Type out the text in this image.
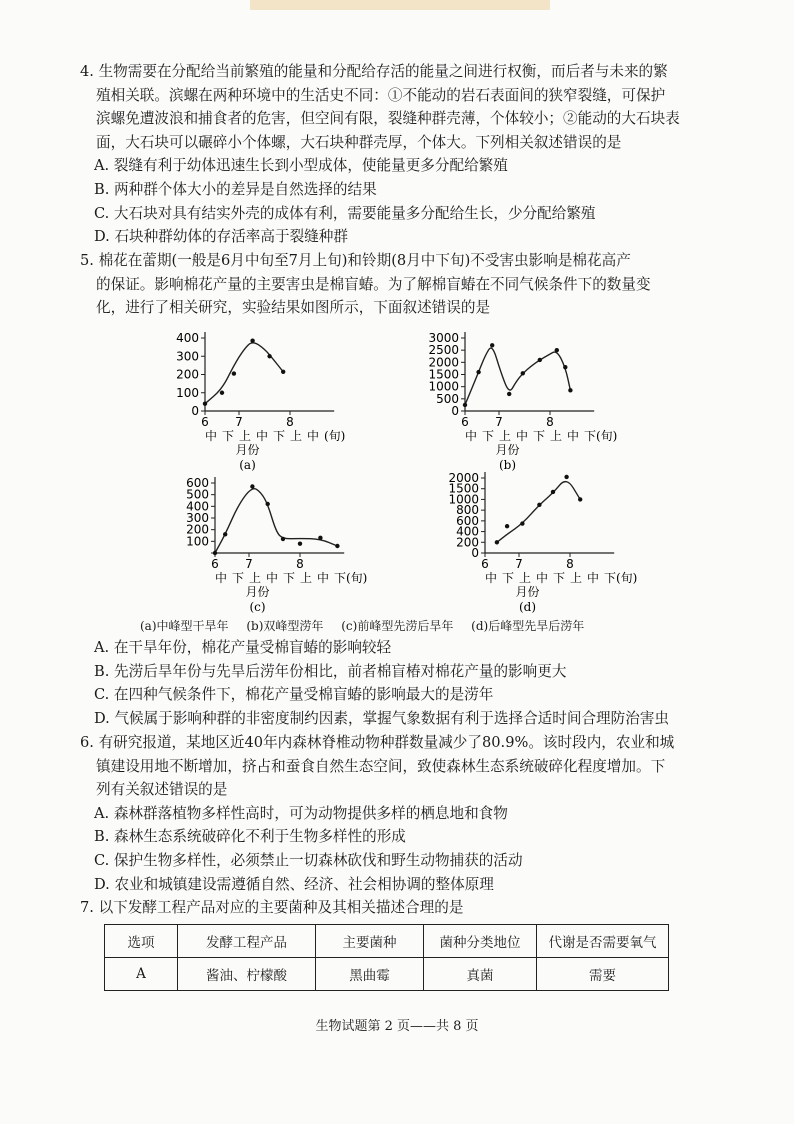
4. 生物需要在分配给当前繁殖的能量和分配给存活的能量之间进行权衡，而后者与未来的繁

殖相关联。滨螺在两种环境中的生活史不同：①不能动的岩石表面间的狭窄裂缝，可保护

滨螺免遭波浪和捕食者的危害，但空间有限，裂缝种群壳薄，个体较小；②能动的大石块表

面，大石块可以碾碎小个体螺，大石块种群壳厚，个体大。下列相关叙述错误的是

A. 裂缝有利于幼体迅速生长到小型成体，使能量更多分配给繁殖

B. 两种群个体大小的差异是自然选择的结果

C. 大石块对具有结实外壳的成体有利，需要能量多分配给生长，少分配给繁殖

D. 石块种群幼体的存活率高于裂缝种群

5. 棉花在蕾期(一般是6月中旬至7月上旬)和铃期(8月中下旬)不受害虫影响是棉花高产

的保证。影响棉花产量的主要害虫是棉盲蝽。为了解棉盲蝽在不同气候条件下的数量变

化，进行了相关研究，实验结果如图所示，下面叙述错误的是

0
100
200
300
400
6 7	8
中 下 上 中 下 上 中 (旬)
月份
(a)
0
500
1000
1500
2000
2500
3000
6 7	8
中 下 上 中 下 上 中 下(旬)
月份
(b)
100
200
300
400
500
600
6 7	8
中 下 上 中 下 上 中 下(旬)
月份
(c)
0
200
400
600
800
1000
1500
2000
6 7	8
中 下 上 中 下 上 中 下(旬)
月份
(d)
(a)中峰型干旱年 (b)双峰型涝年 (c)前峰型先涝后旱年 (d)后峰型先旱后涝年

A. 在干旱年份，棉花产量受棉盲蝽的影响较轻

B. 先涝后旱年份与先旱后涝年份相比，前者棉盲椿对棉花产量的影响更大

C. 在四种气候条件下，棉花产量受棉盲蝽的影响最大的是涝年

D. 气候属于影响种群的非密度制约因素，掌握气象数据有利于选择合适时间合理防治害虫

6. 有研究报道，某地区近40年内森林脊椎动物种群数量减少了80.9%。该时段内，农业和城

镇建设用地不断增加，挤占和蚕食自然生态空间，致使森林生态系统破碎化程度增加。下

列有关叙述错误的是

A. 森林群落植物多样性高时，可为动物提供多样的栖息地和食物

B. 森林生态系统破碎化不利于生物多样性的形成

C. 保护生物多样性，必须禁止一切森林砍伐和野生动物捕获的活动

D. 农业和城镇建设需遵循自然、经济、社会相协调的整体原理

7. 以下发酵工程产品对应的主要菌种及其相关描述合理的是

选项	发酵工程产品	主要菌种	菌种分类地位	代谢是否需要氧气
A	酱油、柠檬酸	黑曲霉	真菌	需要
生物试题第 2 页——共 8 页
